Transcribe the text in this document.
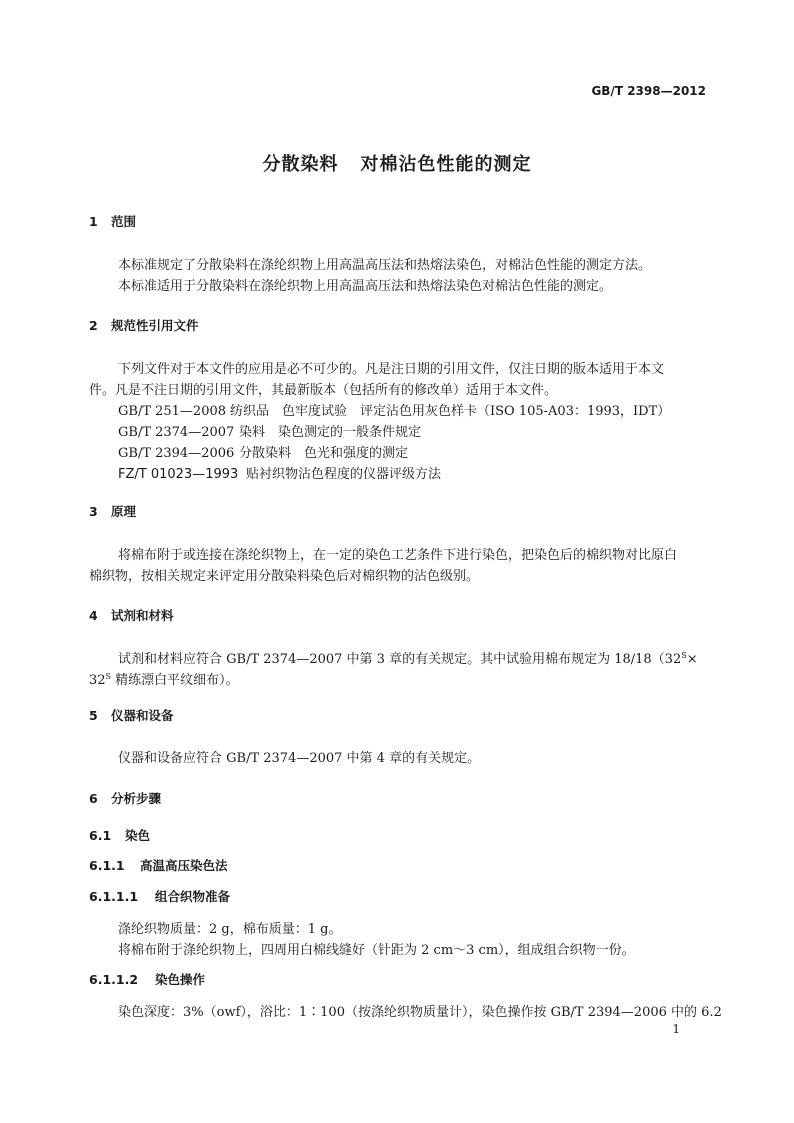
GB/T 2398—2012
分散染料 对棉沾色性能的测定
1 范围
本标准规定了分散染料在涤纶织物上用高温高压法和热熔法染色，对棉沾色性能的测定方法。
本标准适用于分散染料在涤纶织物上用高温高压法和热熔法染色对棉沾色性能的测定。
2 规范性引用文件
下列文件对于本文件的应用是必不可少的。凡是注日期的引用文件，仅注日期的版本适用于本文
件。凡是不注日期的引用文件，其最新版本（包括所有的修改单）适用于本文件。
GB/T 251—2008 纺织品　色牢度试验　评定沾色用灰色样卡（ISO 105-A03：1993，IDT）
GB/T 2374—2007 染料　染色测定的一般条件规定
GB/T 2394—2006 分散染料　色光和强度的测定
FZ/T 01023—1993 贴衬织物沾色程度的仪器评级方法
3 原理
将棉布附于或连接在涤纶织物上，在一定的染色工艺条件下进行染色，把染色后的棉织物对比原白
棉织物，按相关规定来评定用分散染料染色后对棉织物的沾色级别。
4 试剂和材料
试剂和材料应符合 GB/T 2374—2007 中第 3 章的有关规定。其中试验用棉布规定为 $18/18(32^S\times$
$32^S$ 精练漂白平纹细布）。
5 仪器和设备
仪器和设备应符合 GB/T 2374—2007 中第 4 章的有关规定。
6 分析步骤
6.1 染色
6.1.1 高温高压染色法
6.1.1.1 组合织物准备
涤纶织物质量：2 g，棉布质量：1 g。
将棉布附于涤纶织物上，四周用白棉线缝好（针距为 2 cm～3 cm），组成组合织物一份。
6.1.1.2 染色操作
染色深度：3%（owf），浴比：1∶100（按涤纶织物质量计），染色操作按 GB/T 2394—2006 中的 6.2
1
